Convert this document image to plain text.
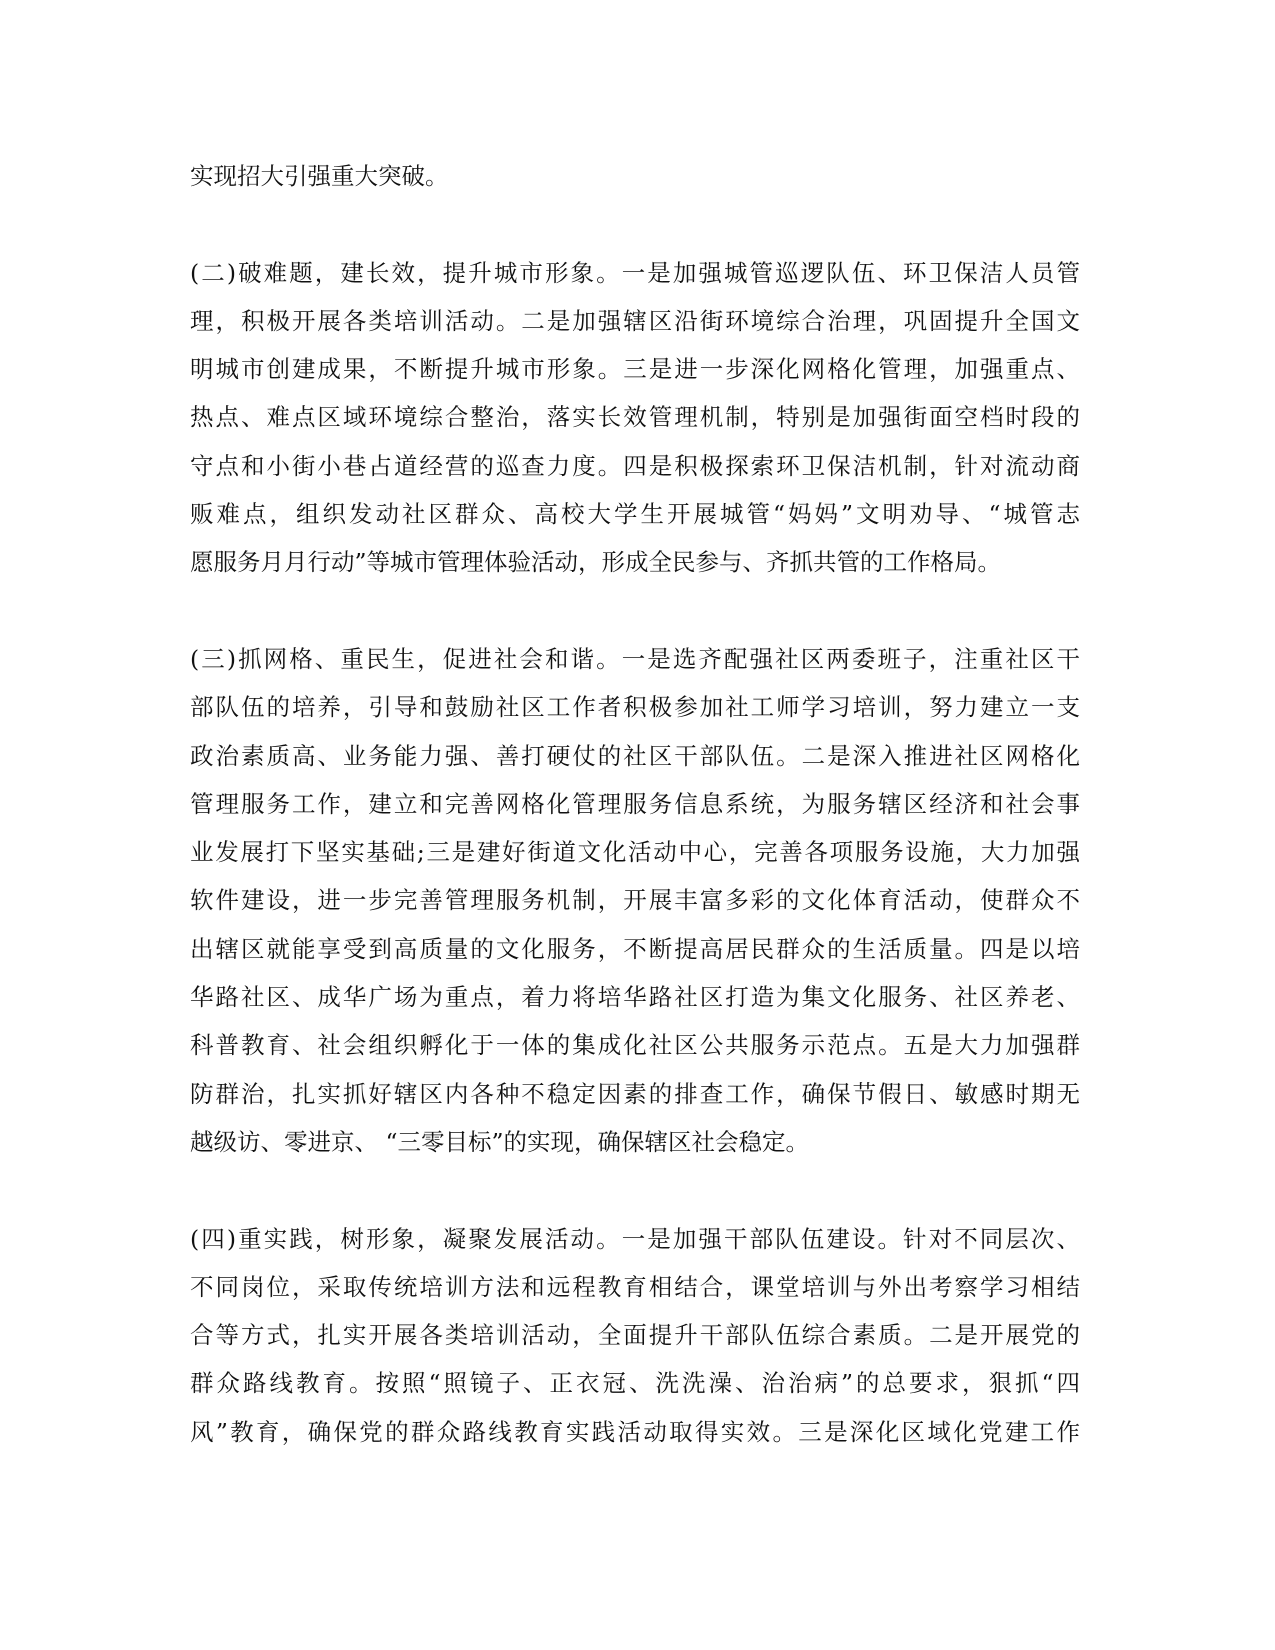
实现招大引强重大突破。
(二)破难题，建长效，提升城市形象。一是加强城管巡逻队伍、环卫保洁人员管
理，积极开展各类培训活动。二是加强辖区沿街环境综合治理，巩固提升全国文
明城市创建成果，不断提升城市形象。三是进一步深化网格化管理，加强重点、
热点、难点区域环境综合整治，落实长效管理机制，特别是加强街面空档时段的
守点和小街小巷占道经营的巡查力度。四是积极探索环卫保洁机制，针对流动商
贩难点，组织发动社区群众、高校大学生开展城管“妈妈”文明劝导、“城管志
愿服务月月行动”等城市管理体验活动，形成全民参与、齐抓共管的工作格局。
(三)抓网格、重民生，促进社会和谐。一是选齐配强社区两委班子，注重社区干
部队伍的培养，引导和鼓励社区工作者积极参加社工师学习培训，努力建立一支
政治素质高、业务能力强、善打硬仗的社区干部队伍。二是深入推进社区网格化
管理服务工作，建立和完善网格化管理服务信息系统，为服务辖区经济和社会事
业发展打下坚实基础;三是建好街道文化活动中心，完善各项服务设施，大力加强
软件建设，进一步完善管理服务机制，开展丰富多彩的文化体育活动，使群众不
出辖区就能享受到高质量的文化服务，不断提高居民群众的生活质量。四是以培
华路社区、成华广场为重点，着力将培华路社区打造为集文化服务、社区养老、
科普教育、社会组织孵化于一体的集成化社区公共服务示范点。五是大力加强群
防群治，扎实抓好辖区内各种不稳定因素的排查工作，确保节假日、敏感时期无
越级访、零进京、 “三零目标”的实现，确保辖区社会稳定。
(四)重实践，树形象，凝聚发展活动。一是加强干部队伍建设。针对不同层次、
不同岗位，采取传统培训方法和远程教育相结合，课堂培训与外出考察学习相结
合等方式，扎实开展各类培训活动，全面提升干部队伍综合素质。二是开展党的
群众路线教育。按照“照镜子、正衣冠、洗洗澡、治治病”的总要求，狠抓“四
风”教育，确保党的群众路线教育实践活动取得实效。三是深化区域化党建工作
